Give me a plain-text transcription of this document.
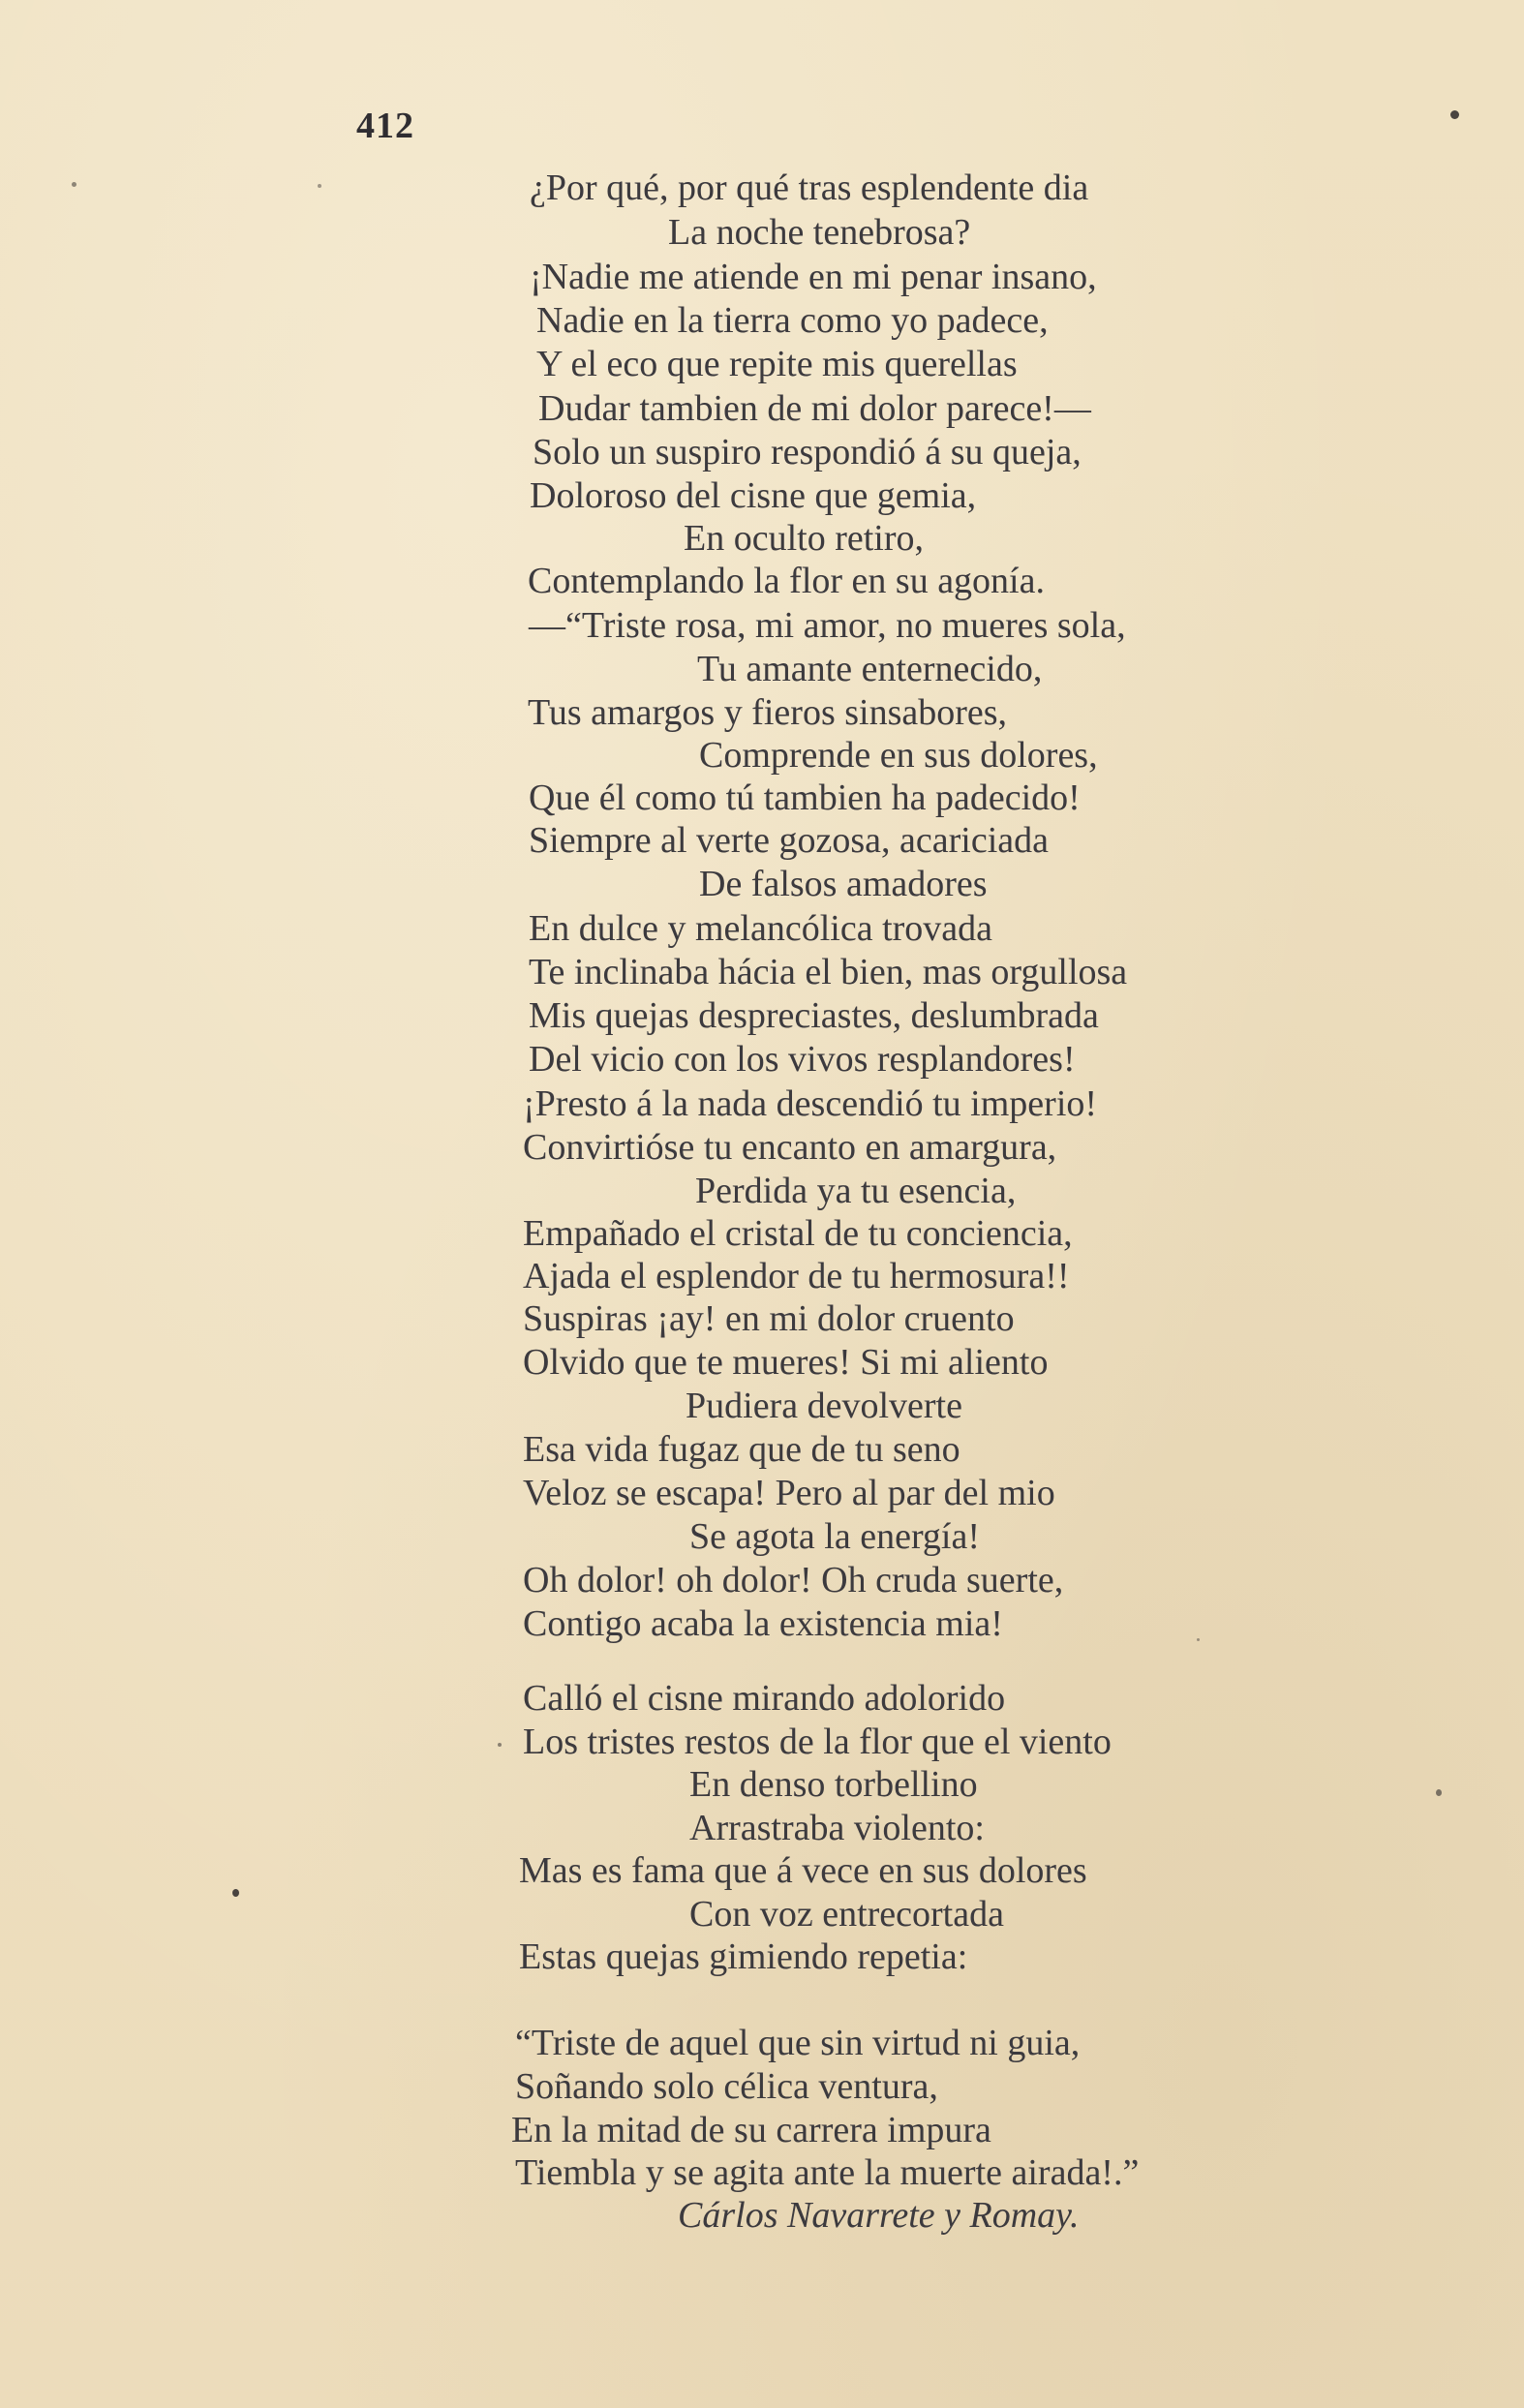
412
¿Por qué, por qué tras esplendente dia
La noche tenebrosa?
¡Nadie me atiende en mi penar insano,
Nadie en la tierra como yo padece,
Y el eco que repite mis querellas
Dudar tambien de mi dolor parece!—
Solo un suspiro respondió á su queja,
Doloroso del cisne que gemia,
En oculto retiro,
Contemplando la flor en su agonía.
—“Triste rosa, mi amor, no mueres sola,
Tu amante enternecido,
Tus amargos y fieros sinsabores,
Comprende en sus dolores,
Que él como tú tambien ha padecido!
Siempre al verte gozosa, acariciada
De falsos amadores
En dulce y melancólica trovada
Te inclinaba hácia el bien, mas orgullosa
Mis quejas despreciastes, deslumbrada
Del vicio con los vivos resplandores!
¡Presto á la nada descendió tu imperio!
Convirtióse tu encanto en amargura,
Perdida ya tu esencia,
Empañado el cristal de tu conciencia,
Ajada el esplendor de tu hermosura!!
Suspiras ¡ay! en mi dolor cruento
Olvido que te mueres! Si mi aliento
Pudiera devolverte
Esa vida fugaz que de tu seno
Veloz se escapa! Pero al par del mio
Se agota la energía!
Oh dolor! oh dolor! Oh cruda suerte,
Contigo acaba la existencia mia!
Calló el cisne mirando adolorido
Los tristes restos de la flor que el viento
En denso torbellino
Arrastraba violento:
Mas es fama que á vece en sus dolores
Con voz entrecortada
Estas quejas gimiendo repetia:
“Triste de aquel que sin virtud ni guia,
Soñando solo célica ventura,
En la mitad de su carrera impura
Tiembla y se agita ante la muerte airada!.”
Cárlos Navarrete y Romay.
